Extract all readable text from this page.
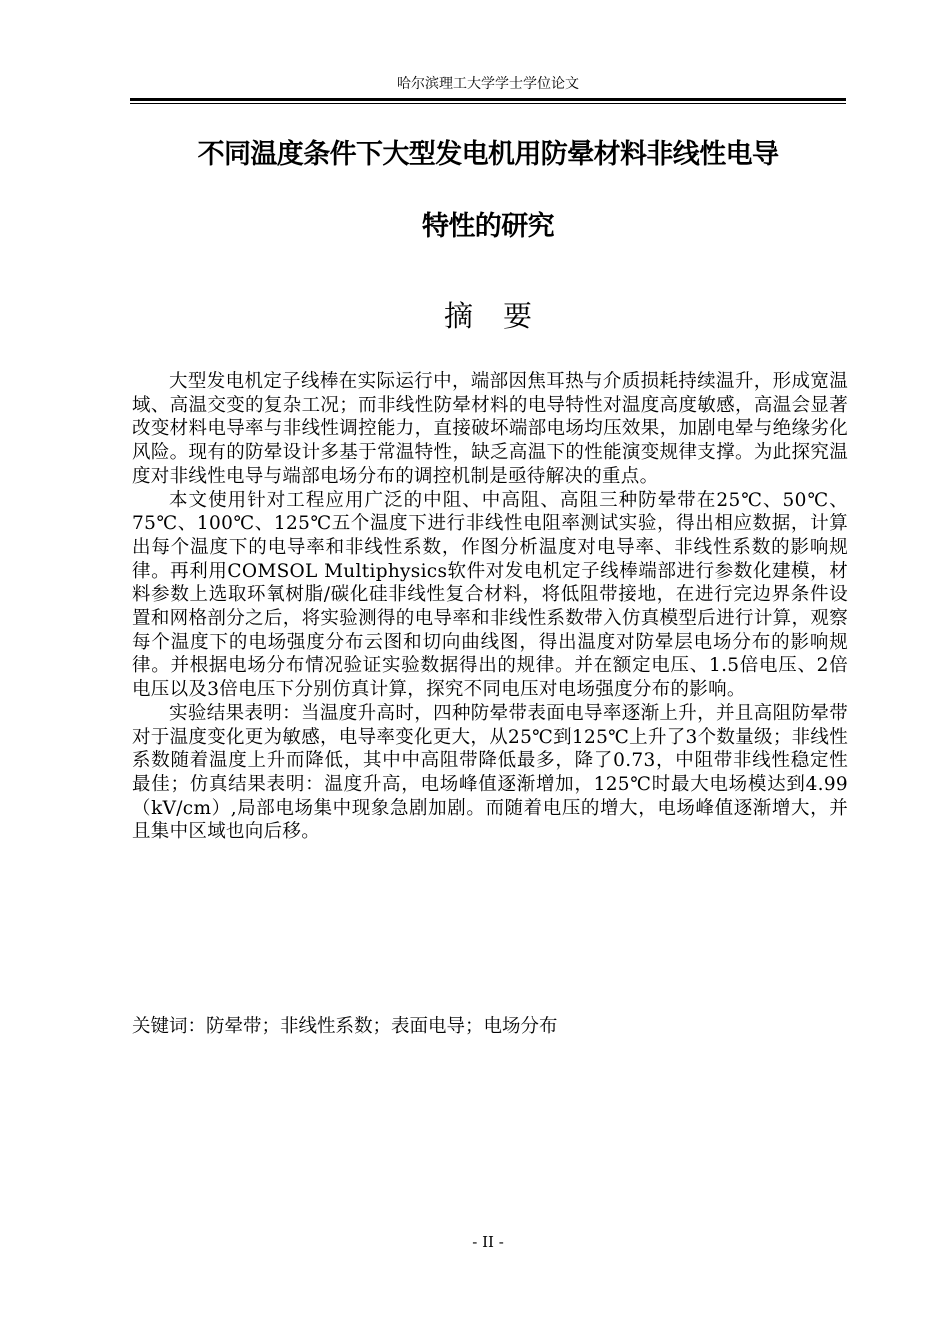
哈尔滨理工大学学士学位论文
不同温度条件下大型发电机用防晕材料非线性电导
特性的研究
摘要

大型发电机定子线棒在实际运行中，端部因焦耳热与介质损耗持续温升，形成宽温域、高温交变的复杂工况；而非线性防晕材料的电导特性对温度高度敏感，高温会显著改变材料电导率与非线性调控能力，直接破坏端部电场均压效果，加剧电晕与绝缘劣化风险。现有的防晕设计多基于常温特性，缺乏高温下的性能演变规律支撑。为此探究温度对非线性电导与端部电场分布的调控机制是亟待解决的重点。

本文使用针对工程应用广泛的中阻、中高阻、高阻三种防晕带在25℃、50℃、75℃、100℃、125℃五个温度下进行非线性电阻率测试实验，得出相应数据，计算出每个温度下的电导率和非线性系数，作图分析温度对电导率、非线性系数的影响规律。再利用COMSOL Multiphysics软件对发电机定子线棒端部进行参数化建模，材料参数上选取环氧树脂/碳化硅非线性复合材料，将低阻带接地，在进行完边界条件设置和网格剖分之后，将实验测得的电导率和非线性系数带入仿真模型后进行计算，观察每个温度下的电场强度分布云图和切向曲线图，得出温度对防晕层电场分布的影响规律。并根据电场分布情况验证实验数据得出的规律。并在额定电压、1.5倍电压、2倍电压以及3倍电压下分别仿真计算，探究不同电压对电场强度分布的影响。

实验结果表明：当温度升高时，四种防晕带表面电导率逐渐上升，并且高阻防晕带对于温度变化更为敏感，电导率变化更大，从25℃到125℃上升了3个数量级；非线性系数随着温度上升而降低，其中中高阻带降低最多，降了0.73，中阻带非线性稳定性最佳；仿真结果表明：温度升高，电场峰值逐渐增加，125℃时最大电场模达到4.99（kV/cm）,局部电场集中现象急剧加剧。而随着电压的增大，电场峰值逐渐增大，并且集中区域也向后移。

关键词：防晕带；非线性系数；表面电导；电场分布
- II -
